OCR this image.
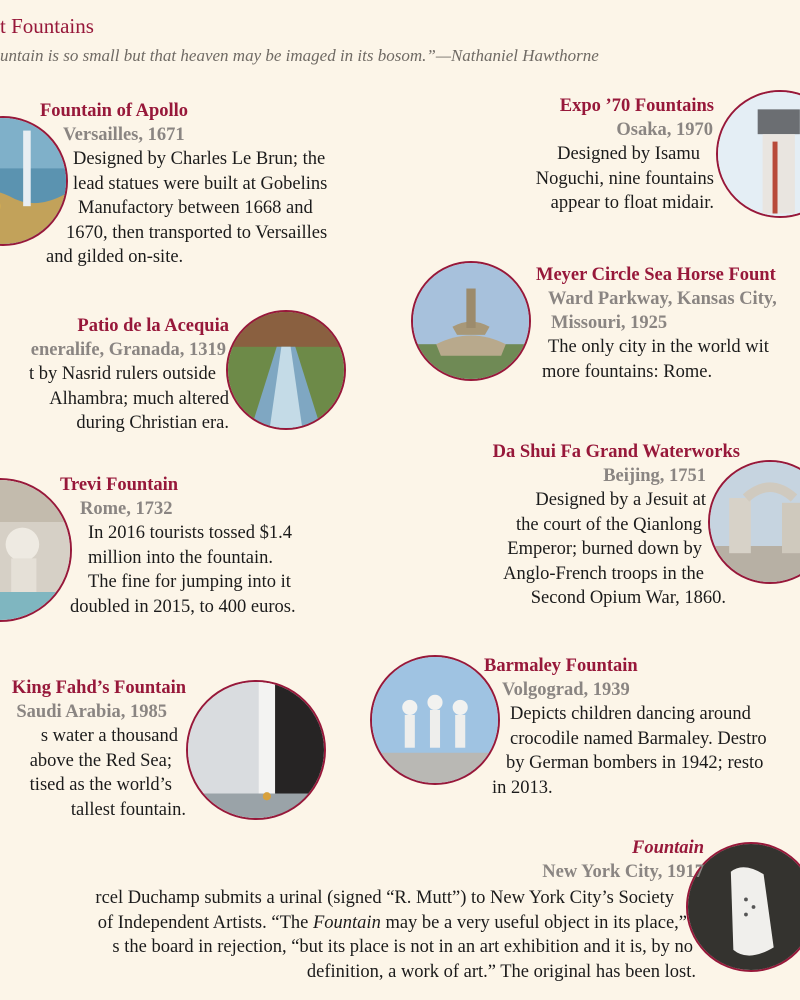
t Fountains
untain is so small but that heaven may be imaged in its bosom.”—Nathaniel Hawthorne
Fountain of Apollo
Versailles, 1671
Designed by Charles Le Brun; the
lead statues were built at Gobelins
Manufactory between 1668 and
1670, then transported to Versailles
and gilded on-site.
Expo ’70 Fountains
Osaka, 1970
Designed by Isamu
Noguchi, nine fountains
appear to float midair.
Meyer Circle Sea Horse Fount
Ward Parkway, Kansas City,
Missouri, 1925
The only city in the world wit
more fountains: Rome.
Patio de la Acequia
eneralife, Granada, 1319
t by Nasrid rulers outside
Alhambra; much altered
during Christian era.
Da Shui Fa Grand Waterworks
Beijing, 1751
Designed by a Jesuit at
the court of the Qianlong
Emperor; burned down by
Anglo-French troops in the
Second Opium War, 1860.
Trevi Fountain
Rome, 1732
In 2016 tourists tossed $1.4
million into the fountain.
The fine for jumping into it
doubled in 2015, to 400 euros.
King Fahd’s Fountain
Saudi Arabia, 1985
s water a thousand
above the Red Sea;
tised as the world’s
tallest fountain.
Barmaley Fountain
Volgograd, 1939
Depicts children dancing around
crocodile named Barmaley. Destro
by German bombers in 1942; resto
in 2013.
Fountain
New York City, 1917
rcel Duchamp submits a urinal (signed “R. Mutt”) to New York City’s Society
of Independent Artists. “The Fountain may be a very useful object in its place,”
s the board in rejection, “but its place is not in an art exhibition and it is, by no
definition, a work of art.” The original has been lost.
